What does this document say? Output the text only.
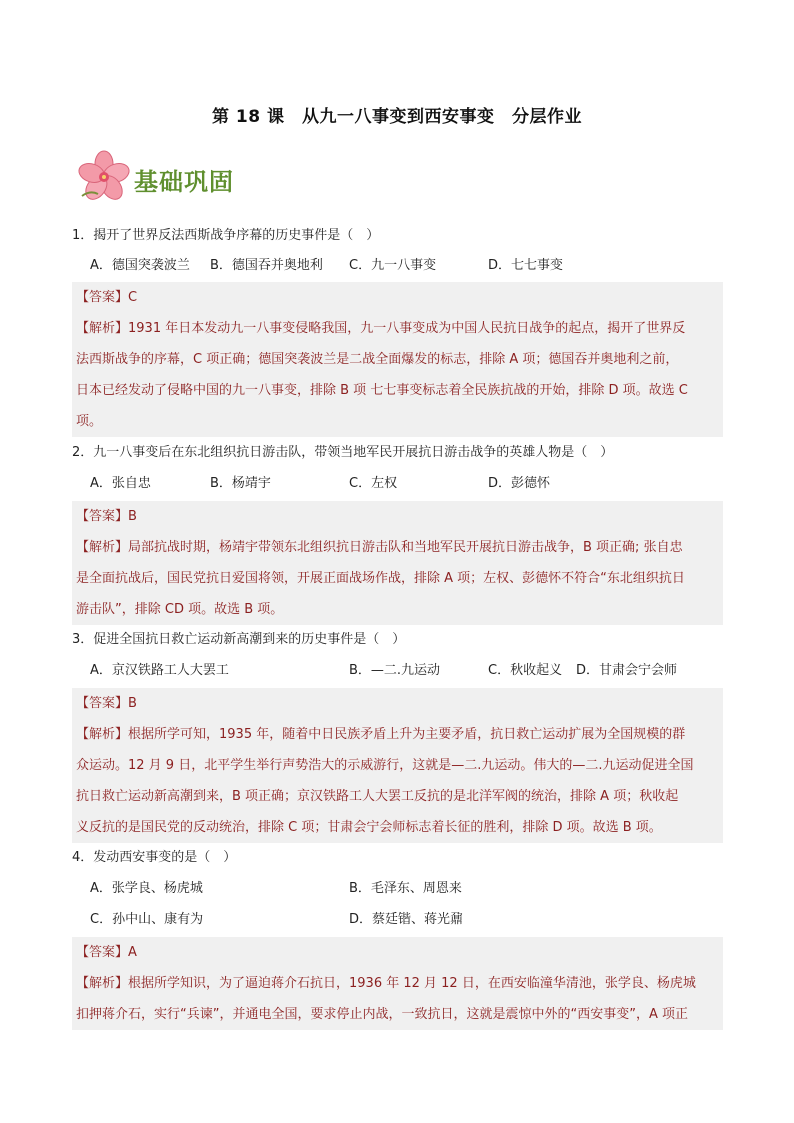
第 18 课　从九一八事变到西安事变　分层作业
基础巩固
1．揭开了世界反法西斯战争序幕的历史事件是（　）
A．德国突袭波兰 B．德国吞并奥地利 C．九一八事变	D．七七事变
【答案】C
【解析】1931 年日本发动九一八事变侵略我国，九一八事变成为中国人民抗日战争的起点，揭开了世界反
法西斯战争的序幕，C 项正确；德国突袭波兰是二战全面爆发的标志，排除 A 项；德国吞并奥地利之前，
日本已经发动了侵略中国的九一八事变，排除 B 项 七七事变标志着全民族抗战的开始，排除 D 项。故选 C
项。
2．九一八事变后在东北组织抗日游击队，带领当地军民开展抗日游击战争的英雄人物是（　）
A．张自忠	B．杨靖宇	C．左权	D．彭德怀
【答案】B
【解析】局部抗战时期，杨靖宇带领东北组织抗日游击队和当地军民开展抗日游击战争，B 项正确; 张自忠
是全面抗战后，国民党抗日爱国将领，开展正面战场作战，排除 A 项；左权、彭德怀不符合“东北组织抗日
游击队”，排除 CD 项。故选 B 项。
3．促进全国抗日救亡运动新高潮到来的历史事件是（　）
A．京汉铁路工人大罢工	B．—二.九运动	C．秋收起义 D．甘肃会宁会师
【答案】B
【解析】根据所学可知，1935 年，随着中日民族矛盾上升为主要矛盾，抗日救亡运动扩展为全国规模的群
众运动。12 月 9 日，北平学生举行声势浩大的示威游行，这就是—二.九运动。伟大的—二.九运动促进全国
抗日救亡运动新高潮到来，B 项正确；京汉铁路工人大罢工反抗的是北洋军阀的统治，排除 A 项；秋收起
义反抗的是国民党的反动统治，排除 C 项；甘肃会宁会师标志着长征的胜利，排除 D 项。故选 B 项。
4．发动西安事变的是（　）
A．张学良、杨虎城	B．毛泽东、周恩来
C．孙中山、康有为	D．蔡廷锴、蒋光鼐
【答案】A
【解析】根据所学知识，为了逼迫蒋介石抗日，1936 年 12 月 12 日，在西安临潼华清池，张学良、杨虎城
扣押蒋介石，实行“兵谏”，并通电全国，要求停止内战，一致抗日，这就是震惊中外的“西安事变”，A 项正
